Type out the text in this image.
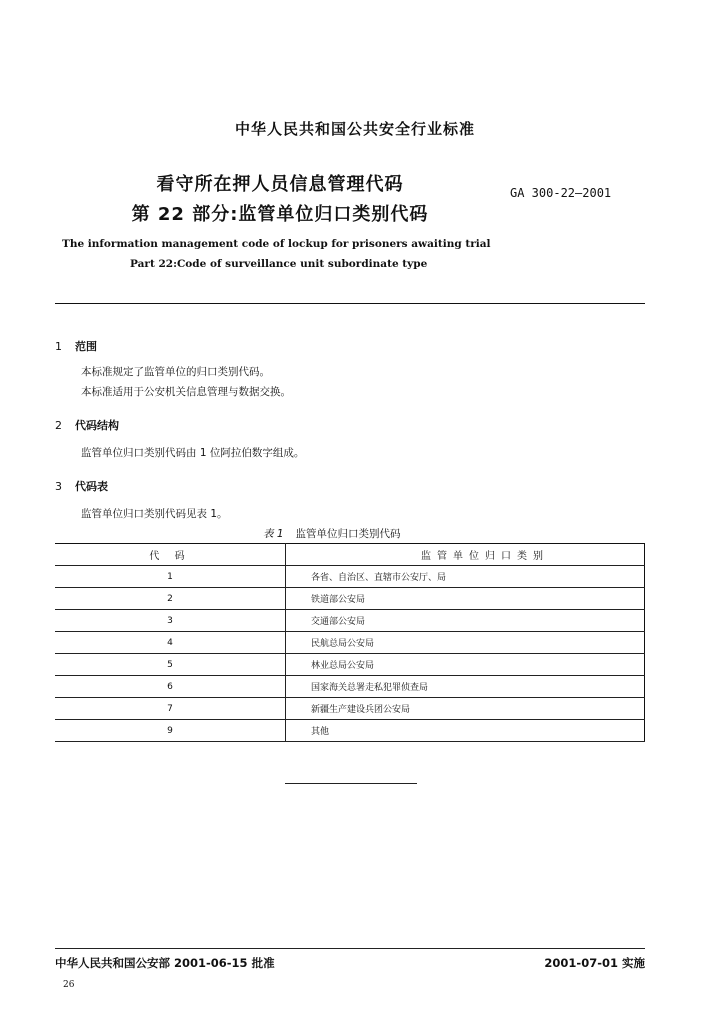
中华人民共和国公共安全行业标准
看守所在押人员信息管理代码
第 22 部分:监管单位归口类别代码
GA 300-22—2001
The information management code of lockup for prisoners awaiting trial
Part 22:Code of surveillance unit subordinate type
1 范围
本标准规定了监管单位的归口类别代码。
本标准适用于公安机关信息管理与数据交换。
2 代码结构
监管单位归口类别代码由 1 位阿拉伯数字组成。
3 代码表
监管单位归口类别代码见表 1。
表 1 监管单位归口类别代码
代 码	监管单位归口类别
1	各省、自治区、直辖市公安厅、局
2	铁道部公安局
3	交通部公安局
4	民航总局公安局
5	林业总局公安局
6	国家海关总署走私犯罪侦查局
7	新疆生产建设兵团公安局
9	其他
中华人民共和国公安部 2001-06-15 批准	2001-07-01 实施
26
